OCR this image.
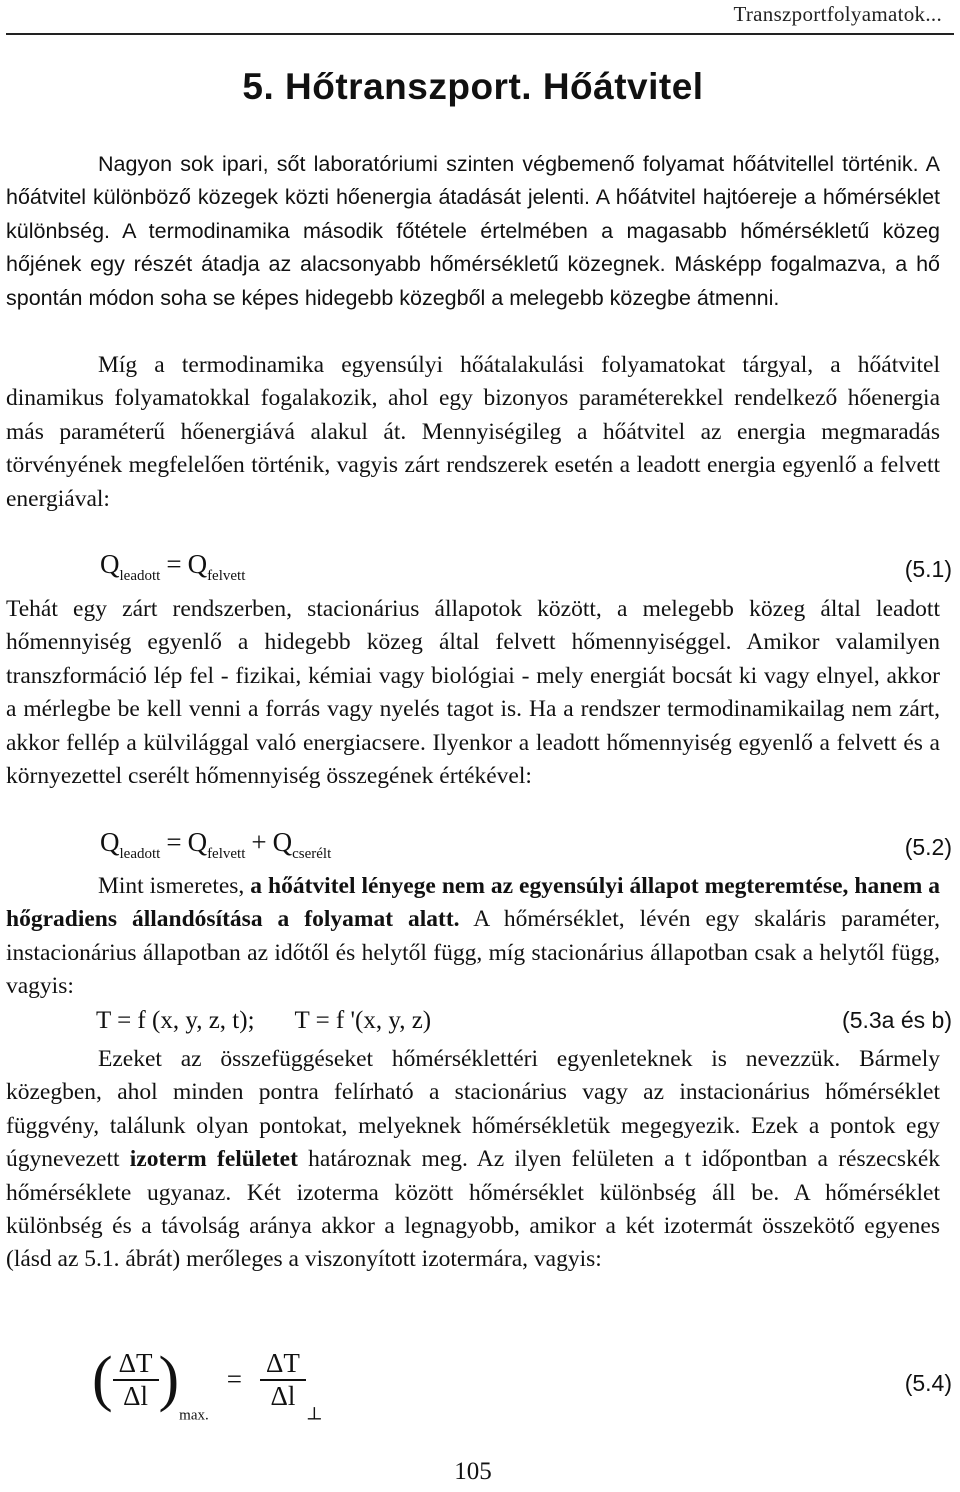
Transzportfolyamatok...
5. Hőtranszport. Hőátvitel

Nagyon sok ipari, sőt laboratóriumi szinten végbemenő folyamat hőátvitellel történik. A hőátvitel különböző közegek közti hőenergia átadását jelenti. A hőátvitel hajtóereje a hőmérséklet különbség. A termodinamika második főtétele értelmében a magasabb hőmérsékletű közeg hőjének egy részét átadja az alacsonyabb hőmérsékletű közegnek. Másképp fogalmazva, a hő spontán módon soha se képes hidegebb közegből a melegebb közegbe átmenni.

Míg a termodinamika egyensúlyi hőátalakulási folyamatokat tárgyal, a hőátvitel dinamikus folyamatokkal fogalakozik, ahol egy bizonyos paraméterekkel rendelkező hőenergia más paraméterű hőenergiává alakul át. Mennyiségileg a hőátvitel az energia megmaradás törvényének megfelelően történik, vagyis zárt rendszerek esetén a leadott energia egyenlő a felvett energiával:

$Q_{leadott} = Q_{felvett}$	(5.1)

Tehát egy zárt rendszerben, stacionárius állapotok között, a melegebb közeg által leadott hőmennyiség egyenlő a hidegebb közeg által felvett hőmennyiséggel. Amikor valamilyen transzformáció lép fel - fizikai, kémiai vagy biológiai - mely energiát bocsát ki vagy elnyel, akkor a mérlegbe be kell venni a forrás vagy nyelés tagot is. Ha a rendszer termodinamikailag nem zárt, akkor fellép a külvilággal való energiacsere. Ilyenkor a leadott hőmennyiség egyenlő a felvett és a környezettel cserélt hőmennyiség összegének értékével:

$Q_{leadott} = Q_{felvett} + Q_{cserélt}$	(5.2)

Mint ismeretes, a hőátvitel lényege nem az egyensúlyi állapot megteremtése, hanem a hőgradiens állandósítása a folyamat alatt. A hőmérséklet, lévén egy skaláris paraméter, instacionárius állapotban az időtől és helytől függ, míg stacionárius állapotban csak a helytől függ, vagyis:

T = f (x, y, z, t); T = f '(x, y, z)	(5.3a és b)

Ezeket az összefüggéseket hőmérséklettéri egyenleteknek is nevezzük. Bármely közegben, ahol minden pontra felírható a stacionárius vagy az instacionárius hőmérséklet függvény, találunk olyan pontokat, melyeknek hőmérsékletük megegyezik. Ezek a pontok egy úgynevezett izoterm felületet határoznak meg. Az ilyen felületen a t időpontban a részecskék hőmérséklete ugyanaz. Két izoterma között hőmérséklet különbség áll be. A hőmérséklet különbség és a távolság aránya akkor a legnagyobb, amikor a két izotermát összekötő egyenes (lásd az 5.1. ábrát) merőleges a viszonyított izotermára, vagyis:

( $\frac{\Delta T}{\Delta l} )_{max.}= \frac{\Delta T}{\Delta l}$
$_\perp$
(5.4)
105
